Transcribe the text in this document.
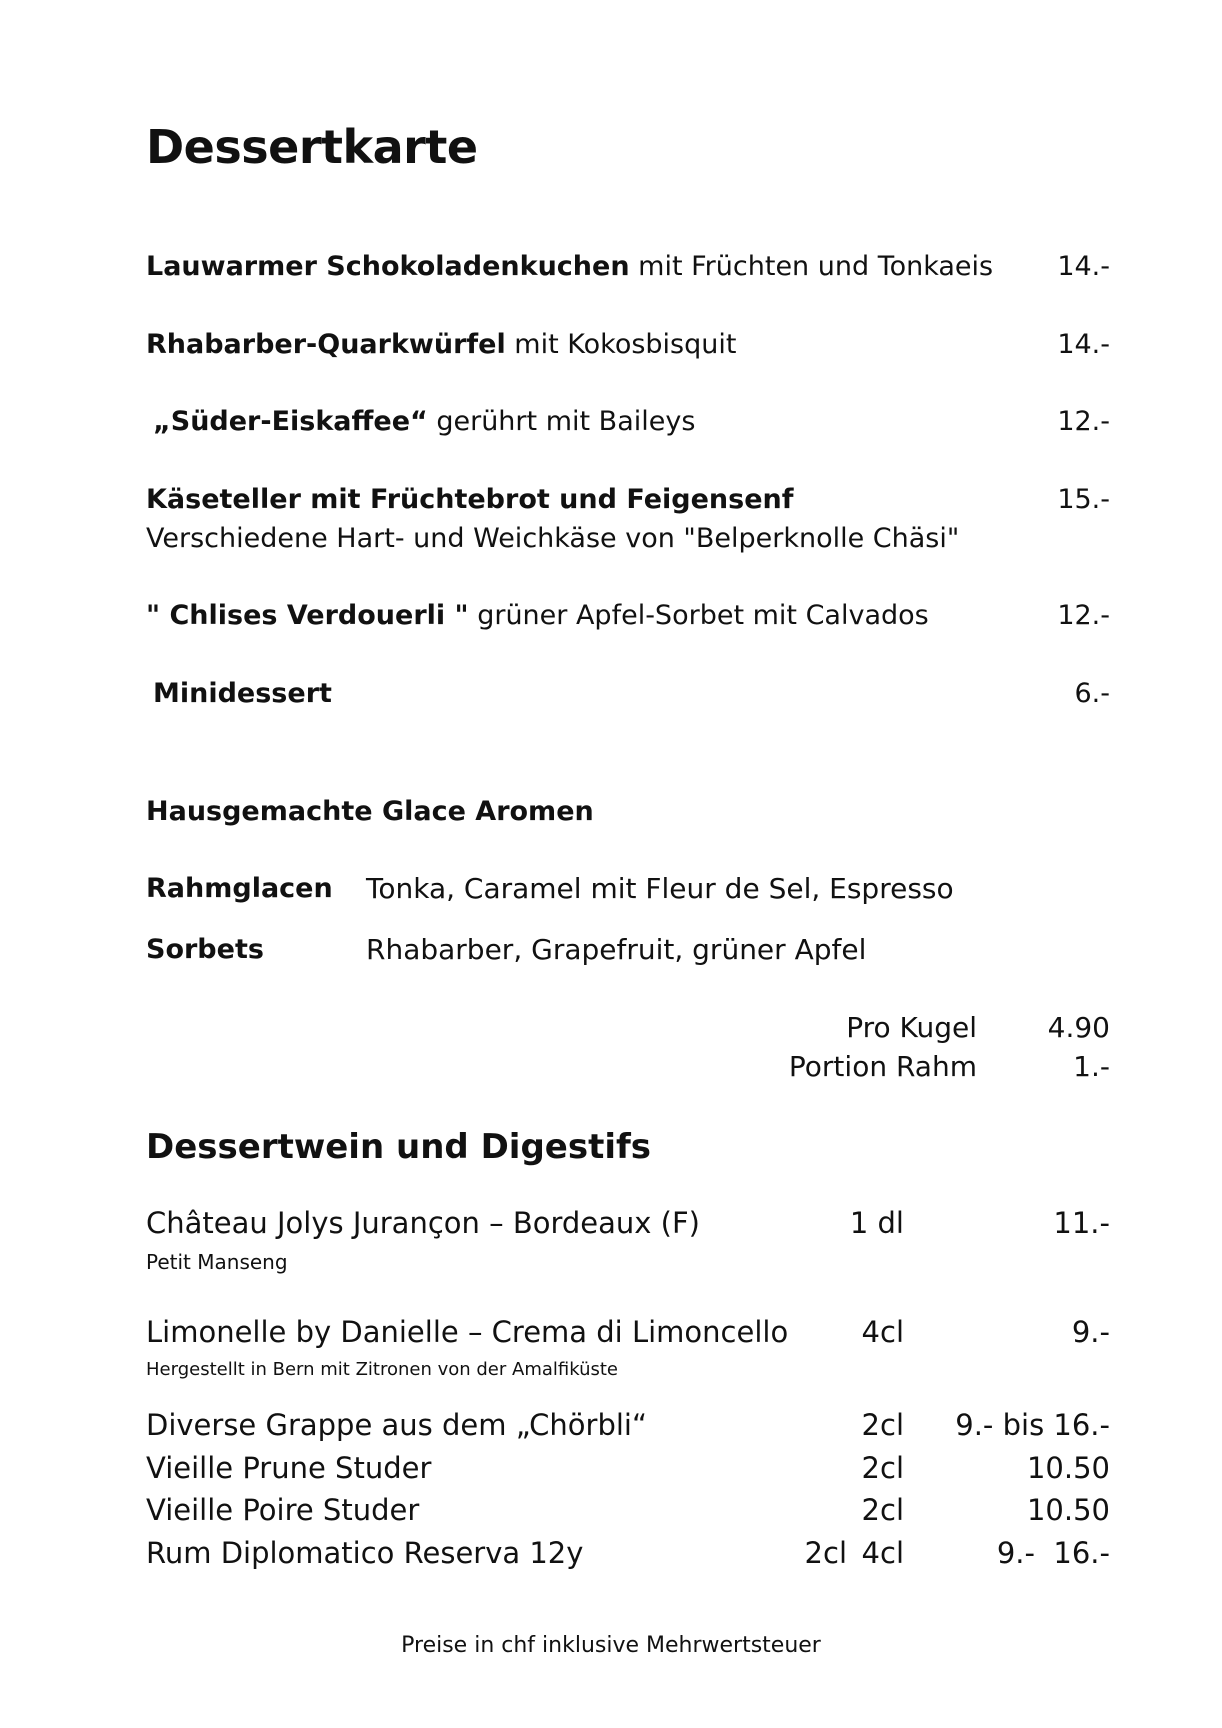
Dessertkarte
Lauwarmer Schokoladenkuchen mit Früchten und Tonkaeis 14.-
Rhabarber-Quarkwürfel mit Kokosbisquit	14.-
„Süder-Eiskaffee“ gerührt mit Baileys	12.-
Käseteller mit Früchtebrot und Feigensenf	15.-
Verschiedene Hart- und Weichkäse von "Belperknolle Chäsi"
" Chlises Verdouerli " grüner Apfel-Sorbet mit Calvados	12.-
Minidessert	6.-
Hausgemachte Glace Aromen
Rahmglacen Tonka, Caramel mit Fleur de Sel, Espresso
Sorbets	Rhabarber, Grapefruit, grüner Apfel
Pro Kugel	4.90
Portion Rahm	1.-
Dessertwein und Digestifs
Château Jolys Jurançon – Bordeaux (F)	1 dl	11.-
Petit Manseng
Limonelle by Danielle – Crema di Limoncello	4cl	9.-
Hergestellt in Bern mit Zitronen von der Amalfiküste
Diverse Grappe aus dem „Chörbli“	2cl 9.- bis 16.-
Vieille Prune Studer	2cl	10.50
Vieille Poire Studer	2cl	10.50
Rum Diplomatico Reserva 12y	2cl 4cl	9.- 16.-
Preise in chf inklusive Mehrwertsteuer
